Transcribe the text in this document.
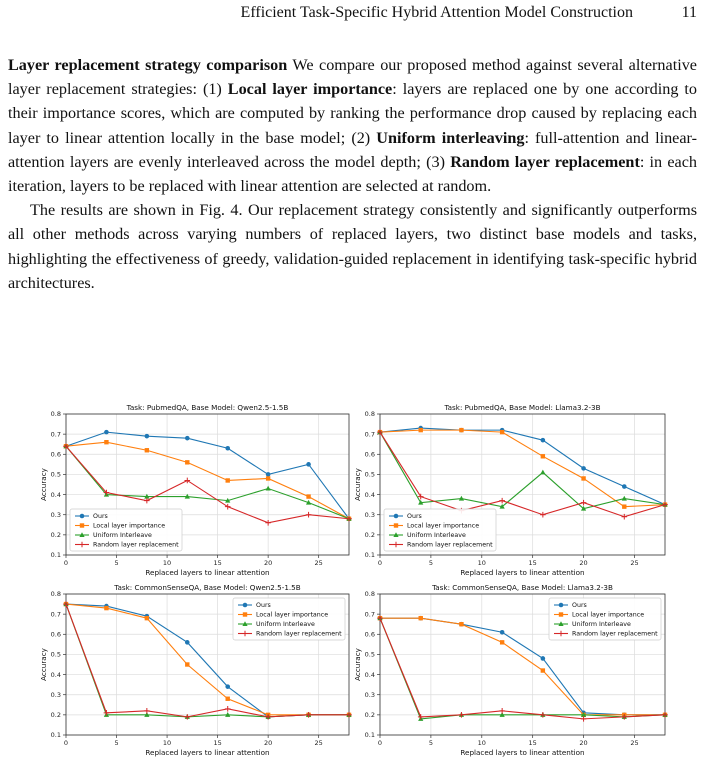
Efficient Task-Specific Hybrid Attention Model Construction	11

Layer replacement strategy comparison We compare our proposed method against several alternative layer replacement strategies: (1) Local layer importance: layers are replaced one by one according to their importance scores, which are computed by ranking the performance drop caused by replacing each layer to linear attention locally in the base model; (2) Uniform interleaving: full-attention and linear-attention layers are evenly interleaved across the model depth; (3) Random layer replacement: in each iteration, layers to be replaced with linear attention are selected at random.

The results are shown in Fig. 4. Our replacement strategy consistently and significantly outperforms all other methods across varying numbers of replaced layers, two distinct base models and tasks, highlighting the effectiveness of greedy, validation-guided replacement in identifying task-specific hybrid architectures.

0	5	10	15	20	25
0.1
0.2
0.3
0.4
0.5
0.6
0.7
0.8
Task: PubmedQA, Base Model: Qwen2.5-1.5B
Replaced layers to linear attention
Accuracy
Ours
Local layer importance
Uniform Interleave
Random layer replacement
0	5	10	15	20	25
0.1
0.2
0.3
0.4
0.5
0.6
0.7
0.8
Task: PubmedQA, Base Model: Llama3.2-3B
Replaced layers to linear attention
Accuracy
Ours
Local layer importance
Uniform Interleave
Random layer replacement
0	5	10	15	20	25
0.1
0.2
0.3
0.4
0.5
0.6
0.7
0.8
Task: CommonSenseQA, Base Model: Qwen2.5-1.5B
Replaced layers to linear attention
Accuracy
Ours
Local layer importance
Uniform Interleave
Random layer replacement
0	5	10	15	20	25
0.1
0.2
0.3
0.4
0.5
0.6
0.7
0.8
Task: CommonSenseQA, Base Model: Llama3.2-3B
Replaced layers to linear attention
Accuracy
Ours
Local layer importance
Uniform Interleave
Random layer replacement
